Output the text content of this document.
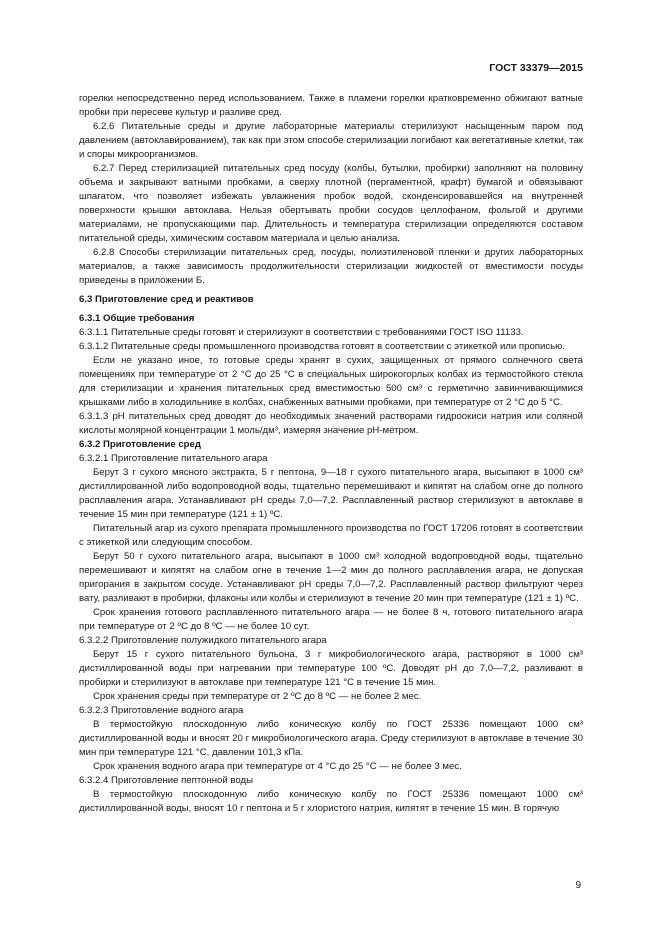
ГОСТ 33379—2015

горелки непосредственно перед использованием. Также в пламени горелки кратковременно обжигают ватные пробки при пересеве культур и разливе сред.

6.2.6 Питательные среды и другие лабораторные материалы стерилизуют насыщенным паром под давлением (автоклавированием), так как при этом способе стерилизации погибают как вегетативные клетки, так и споры микроорганизмов.

6.2.7 Перед стерилизацией питательных сред посуду (колбы, бутылки, пробирки) заполняют на половину объема и закрывают ватными пробками, а сверху плотной (пергаментной, крафт) бумагой и обвязывают шпагатом, что позволяет избежать увлажнения пробок водой, сконденсировавшейся на внутренней поверхности крышки автоклава. Нельзя обертывать пробки сосудов целлофаном, фольгой и другими материалами, не пропускающими пар. Длительность и температура стерилизации определяются составом питательной среды, химическим составом материала и целью анализа.

6.2.8 Способы стерилизации питательных сред, посуды, полиэтиленовой пленки и других лабораторных материалов, а также зависимость продолжительности стерилизации жидкостей от вместимости посуды приведены в приложении Б.

6.3 Приготовление сред и реактивов

6.3.1 Общие требования

6.3.1.1 Питательные среды готовят и стерилизуют в соответствии с требованиями ГОСТ ISO 11133.

6.3.1.2 Питательные среды промышленного производства готовят в соответствии с этикеткой или прописью.

Если не указано иное, то готовые среды хранят в сухих, защищенных от прямого солнечного света помещениях при температуре от 2 °С до 25 °С в специальных широкогорлых колбах из термостойкого стекла для стерилизации и хранения питательных сред вместимостью 500 см³ с герметично завинчивающимися крышками либо в холодильнике в колбах, снабженных ватными пробками, при температуре от 2 °С до 5 °С.

6.3.1.3 pH питательных сред доводят до необходимых значений растворами гидроокиси натрия или соляной кислоты молярной концентрации 1 моль/дм³, измеряя значение pH-метром.

6.3.2 Приготовление сред

6.3.2.1 Приготовление питательного агара

Берут 3 г сухого мясного экстракта, 5 г пептона, 9—18 г сухого питательного агара, высыпают в 1000 см³ дистиллированной либо водопроводной воды, тщательно перемешивают и кипятят на слабом огне до полного расплавления агара. Устанавливают pH среды 7,0—7,2. Расплавленный раствор стерилизуют в автоклаве в течение 15 мин при температуре (121 ± 1) ºС.

Питательный агар из сухого препарата промышленного производства по ГОСТ 17206 готовят в соответствии с этикеткой или следующим способом.

Берут 50 г сухого питательного агара, высыпают в 1000 см³ холодной водопроводной воды, тщательно перемешивают и кипятят на слабом огне в течение 1—2 мин до полного расплавления агара, не допуская пригорания в закрытом сосуде. Устанавливают pH среды 7,0—7,2. Расплавленный раствор фильтруют через вату, разливают в пробирки, флаконы или колбы и стерилизуют в течение 20 мин при температуре (121 ± 1) ºС.

Срок хранения готового расплавленного питательного агара — не более 8 ч, готового питательного агара при температуре от 2 ºС до 8 ºС — не более 10 сут.

6.3.2.2 Приготовление полужидкого питательного агара

Берут 15 г сухого питательного бульона, 3 г микробиологического агара, растворяют в 1000 см³ дистиллированной воды при нагревании при температуре 100 ºС. Доводят pH до 7,0—7,2, разливают в пробирки и стерилизуют в автоклаве при температуре 121 °С в течение 15 мин.

Срок хранения среды при температуре от 2 ºС до 8 ºС — не более 2 мес.

6.3.2.3 Приготовление водного агара

В термостойкую плоскодонную либо коническую колбу по ГОСТ 25336 помещают 1000 см³ дистиллированной воды и вносят 20 г микробиологического агара. Среду стерилизуют в автоклаве в течение 30 мин при температуре 121 °С, давлении 101,3 кПа.

Срок хранения водного агара при температуре от 4 °С до 25 °С — не более 3 мес.

6.3.2.4 Приготовление пептонной воды

В термостойкую плоскодонную либо коническую колбу по ГОСТ 25336 помещают 1000 см³ дистиллированной воды, вносят 10 г пептона и 5 г хлористого натрия, кипятят в течение 15 мин. В горячую

9
